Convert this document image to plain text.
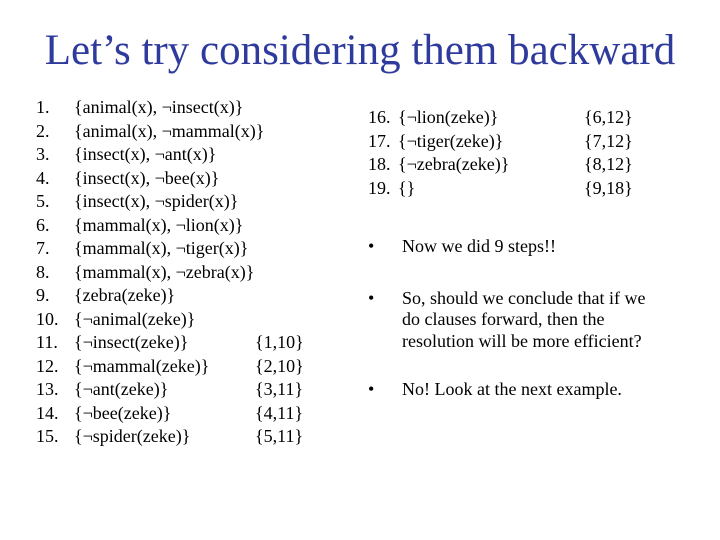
Let’s try considering them backward
1. {animal(x), ¬insect(x)}
2. {animal(x), ¬mammal(x)}
3. {insect(x), ¬ant(x)}
4. {insect(x), ¬bee(x)}
5. {insect(x), ¬spider(x)}
6. {mammal(x), ¬lion(x)}
7. {mammal(x), ¬tiger(x)}
8. {mammal(x), ¬zebra(x)}
9. {zebra(zeke)}
10. {¬animal(zeke)}
11. {¬insect(zeke)}	{1,10}
12. {¬mammal(zeke)}	{2,10}
13. {¬ant(zeke)}	{3,11}
14. {¬bee(zeke)}	{4,11}
15. {¬spider(zeke)}	{5,11}
16. {¬lion(zeke)}	{6,12}
17. {¬tiger(zeke)}	{7,12}
18. {¬zebra(zeke)}	{8,12}
19. {}	{9,18}
• Now we did 9 steps!!
• So, should we conclude that if we do clauses forward, then the resolution will be more efficient?
• No! Look at the next example.
